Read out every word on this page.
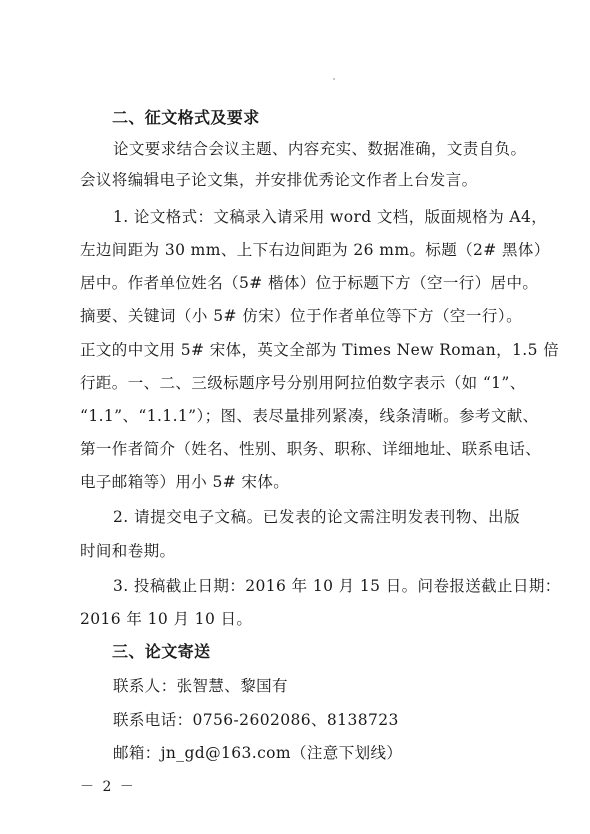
二、征文格式及要求
论文要求结合会议主题、内容充实、数据准确，文责自负。
会议将编辑电子论文集，并安排优秀论文作者上台发言。
1. 论文格式：文稿录入请采用 word 文档，版面规格为 A4，
左边间距为 30 mm、上下右边间距为 26 mm。标题（2# 黑体）
居中。作者单位姓名（5# 楷体）位于标题下方（空一行）居中。
摘要、关键词（小 5# 仿宋）位于作者单位等下方（空一行）。
正文的中文用 5# 宋体，英文全部为 Times New Roman，1.5 倍
行距。一、二、三级标题序号分别用阿拉伯数字表示（如 “1”、
“1.1”、“1.1.1”）；图、表尽量排列紧凑，线条清晰。参考文献、
第一作者简介（姓名、性别、职务、职称、详细地址、联系电话、
电子邮箱等）用小 5# 宋体。
2. 请提交电子文稿。已发表的论文需注明发表刊物、出版
时间和卷期。
3. 投稿截止日期：2016 年 10 月 15 日。问卷报送截止日期：
2016 年 10 月 10 日。
三、论文寄送
联系人：张智慧、黎国有
联系电话：0756-2602086、8138723
邮箱：jn_gd@163.com（注意下划线）
－ 2 －
